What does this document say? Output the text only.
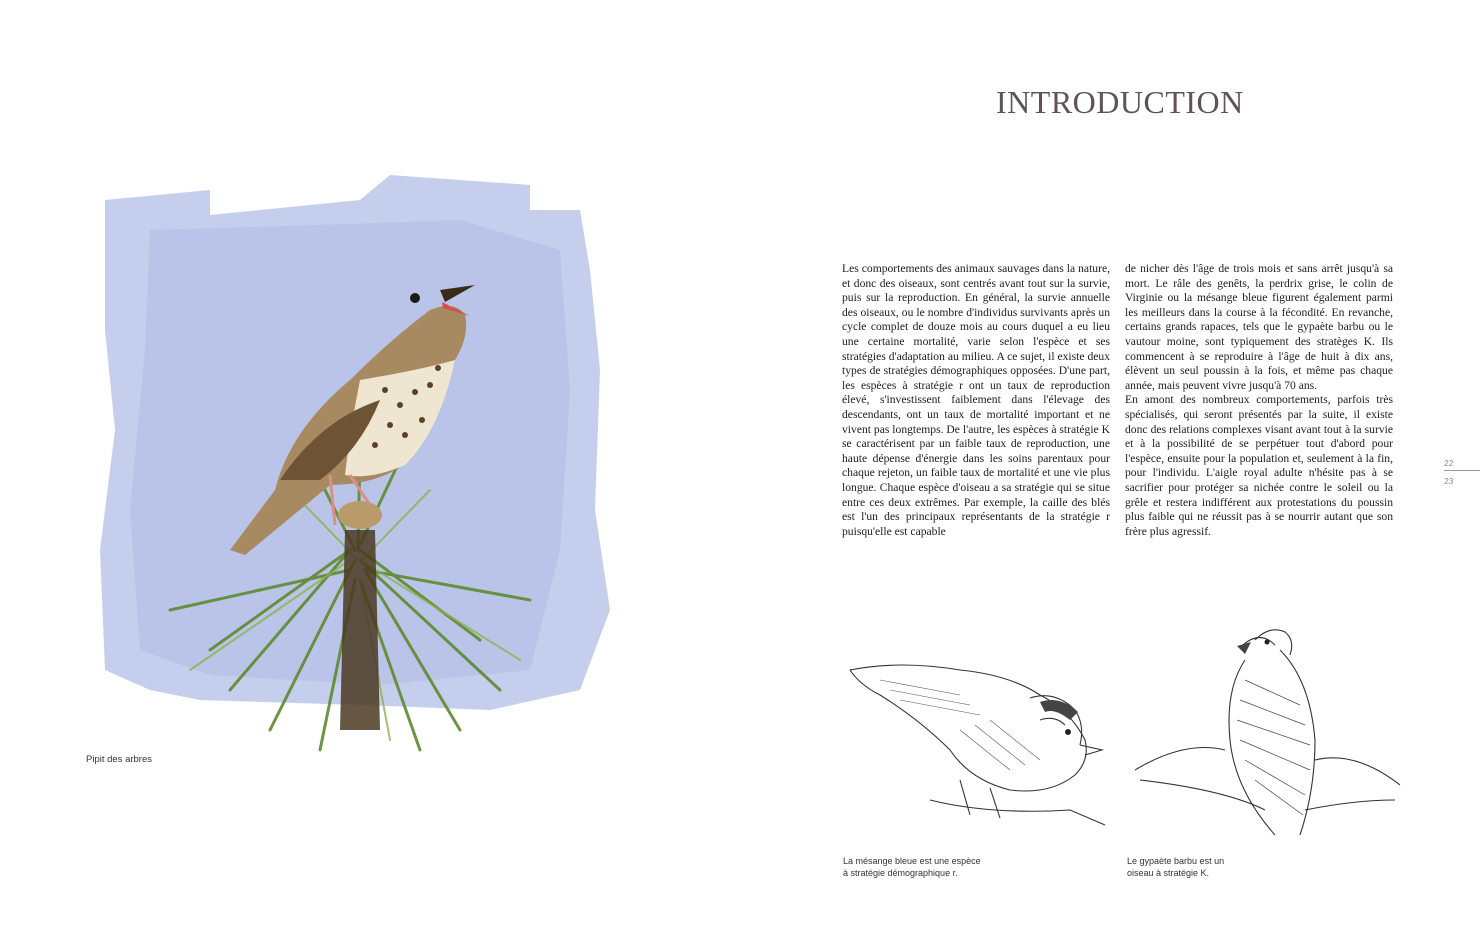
Pipit des arbres
INTRODUCTION

Les comportements des animaux sauvages dans la nature, et donc des oiseaux, sont centrés avant tout sur la survie, puis sur la reproduction. En général, la survie annuelle des oiseaux, ou le nombre d'individus survivants après un cycle complet de douze mois au cours duquel a eu lieu une certaine mortalité, varie selon l'espèce et ses stratégies d'adaptation au milieu. A ce sujet, il existe deux types de stratégies démographiques opposées. D'une part, les espèces à stratégie r ont un taux de reproduction élevé, s'investissent faiblement dans l'élevage des descendants, ont un taux de mortalité important et ne vivent pas longtemps. De l'autre, les espèces à stratégie K se caractérisent par un faible taux de reproduction, une haute dépense d'énergie dans les soins parentaux pour chaque rejeton, un faible taux de mortalité et une vie plus longue. Chaque espèce d'oiseau a sa stratégie qui se situe entre ces deux extrêmes. Par exemple, la caille des blés est l'un des principaux représentants de la stratégie r puisqu'elle est capable

de nicher dès l'âge de trois mois et sans arrêt jusqu'à sa mort. Le râle des genêts, la perdrix grise, le colin de Virginie ou la mésange bleue figurent également parmi les meilleurs dans la course à la fécondité. En revanche, certains grands rapaces, tels que le gypaète barbu ou le vautour moine, sont typiquement des stratèges K. Ils commencent à se reproduire à l'âge de huit à dix ans, élèvent un seul poussin à la fois, et même pas chaque année, mais peuvent vivre jusqu'à 70 ans.

En amont des nombreux comportements, parfois très spécialisés, qui seront présentés par la suite, il existe donc des relations complexes visant avant tout à la survie et à la possibilité de se perpétuer tout d'abord pour l'espèce, ensuite pour la population et, seulement à la fin, pour l'individu. L'aigle royal adulte n'hésite pas à se sacrifier pour protéger sa nichée contre le soleil ou la grêle et restera indifférent aux protestations du poussin plus faible qui ne réussit pas à se nourrir autant que son frère plus agressif.

22
23
La mésange bleue est une espèce
à stratégie démographique r.
Le gypaète barbu est un
oiseau à stratégie K.
